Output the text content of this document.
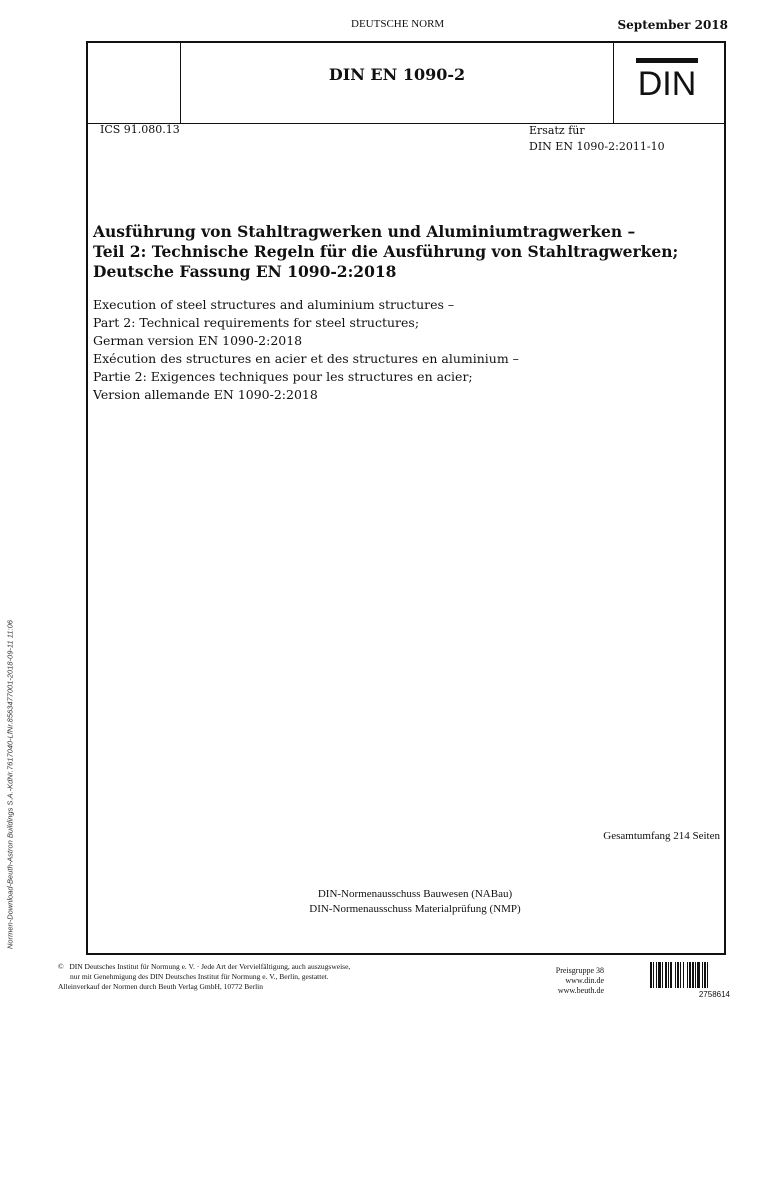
DEUTSCHE NORM	September 2018
DIN EN 1090-2	DIN
ICS 91.080.13	Ersatz für
DIN EN 1090-2:2011-10
Ausführung von Stahltragwerken und Aluminiumtragwerken –
Teil 2: Technische Regeln für die Ausführung von Stahltragwerken;
Deutsche Fassung EN 1090-2:2018
Execution of steel structures and aluminium structures –
Part 2: Technical requirements for steel structures;
German version EN 1090-2:2018
Exécution des structures en acier et des structures en aluminium –
Partie 2: Exigences techniques pour les structures en acier;
Version allemande EN 1090-2:2018
Gesamtumfang 214 Seiten
DIN-Normenausschuss Bauwesen (NABau)
DIN-Normenausschuss Materialprüfung (NMP)
© DIN Deutsches Institut für Normung e. V. · Jede Art der Vervielfältigung, auch auszugsweise,
nur mit Genehmigung des DIN Deutsches Institut für Normung e. V., Berlin, gestattet.
Alleinverkauf der Normen durch Beuth Verlag GmbH, 10772 Berlin
Preisgruppe 38
www.din.de
www.beuth.de	2758614
Normen-Download-Beuth-Astron Buildings S.A.-KdNr.7617040-LfNr.8563477001-2018-09-11 11:06
